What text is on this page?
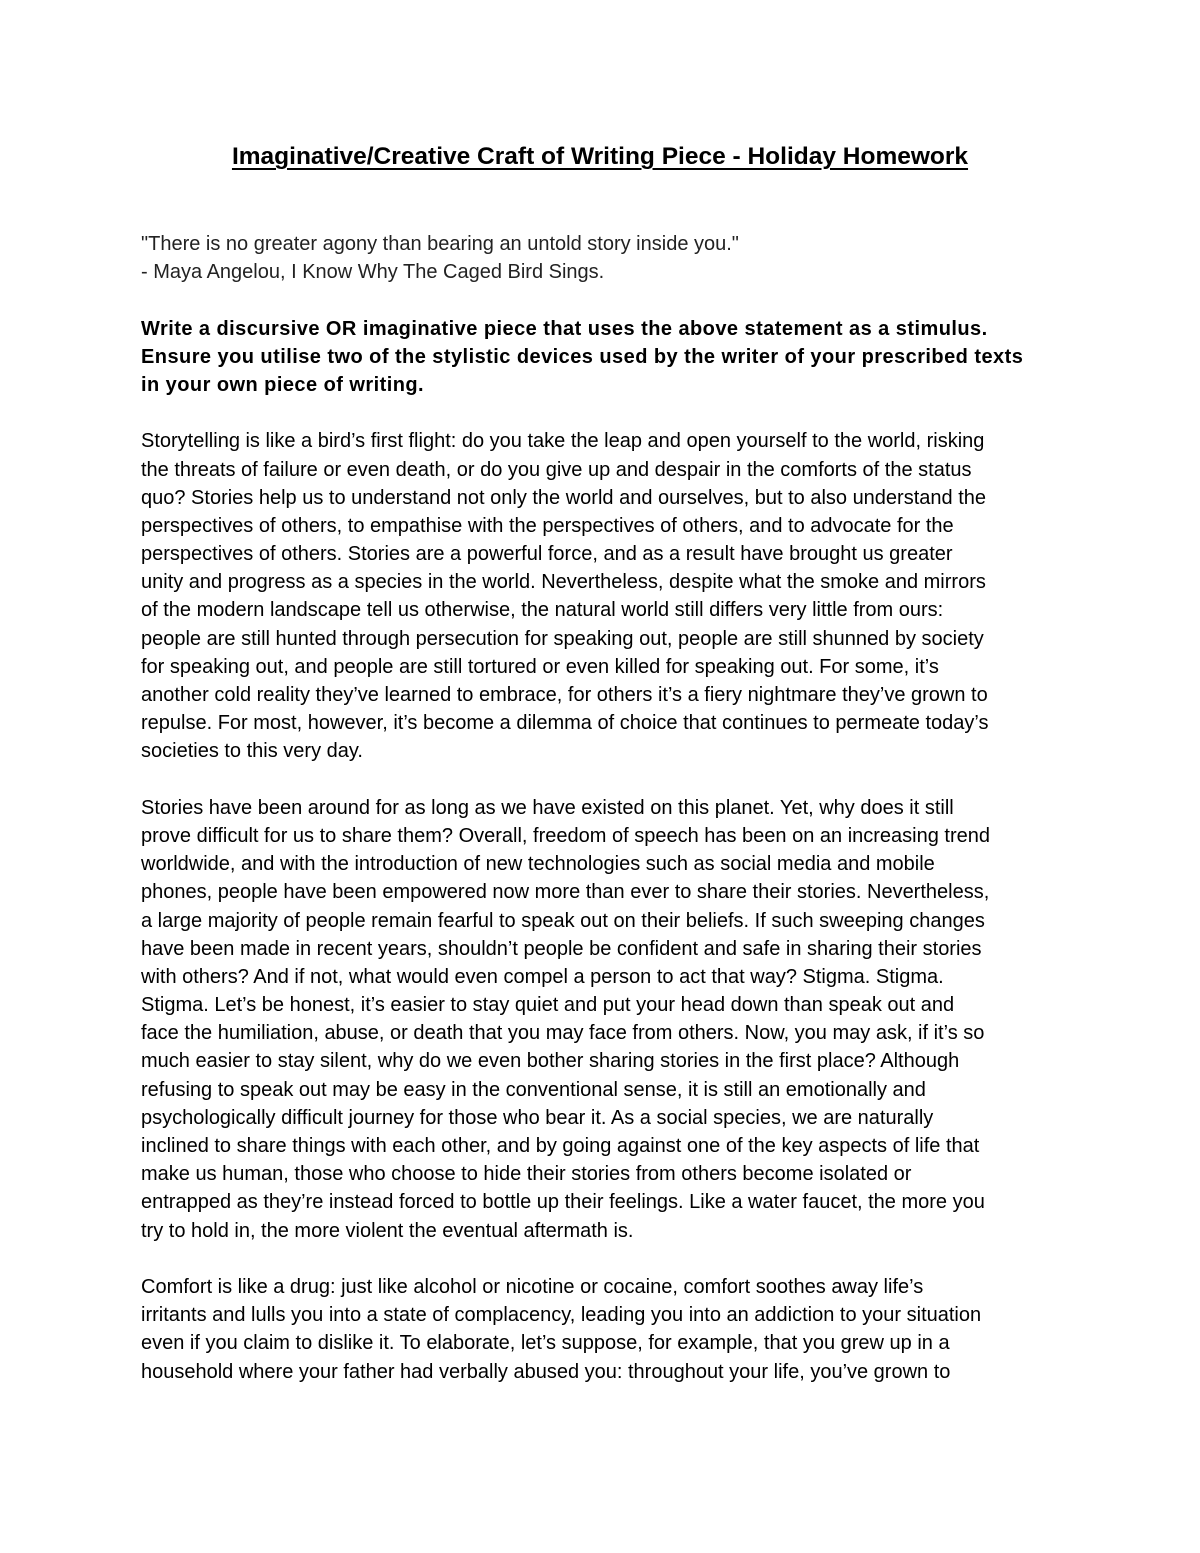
Imaginative/Creative Craft of Writing Piece - Holiday Homework
"There is no greater agony than bearing an untold story inside you."
- Maya Angelou, I Know Why The Caged Bird Sings.
Write a discursive OR imaginative piece that uses the above statement as a stimulus.
Ensure you utilise two of the stylistic devices used by the writer of your prescribed texts
in your own piece of writing.
Storytelling is like a bird’s first flight: do you take the leap and open yourself to the world, risking
the threats of failure or even death, or do you give up and despair in the comforts of the status
quo? Stories help us to understand not only the world and ourselves, but to also understand the
perspectives of others, to empathise with the perspectives of others, and to advocate for the
perspectives of others. Stories are a powerful force, and as a result have brought us greater
unity and progress as a species in the world. Nevertheless, despite what the smoke and mirrors
of the modern landscape tell us otherwise, the natural world still differs very little from ours:
people are still hunted through persecution for speaking out, people are still shunned by society
for speaking out, and people are still tortured or even killed for speaking out. For some, it’s
another cold reality they’ve learned to embrace, for others it’s a fiery nightmare they’ve grown to
repulse. For most, however, it’s become a dilemma of choice that continues to permeate today’s
societies to this very day.
Stories have been around for as long as we have existed on this planet. Yet, why does it still
prove difficult for us to share them? Overall, freedom of speech has been on an increasing trend
worldwide, and with the introduction of new technologies such as social media and mobile
phones, people have been empowered now more than ever to share their stories. Nevertheless,
a large majority of people remain fearful to speak out on their beliefs. If such sweeping changes
have been made in recent years, shouldn’t people be confident and safe in sharing their stories
with others? And if not, what would even compel a person to act that way? Stigma. Stigma.
Stigma. Let’s be honest, it’s easier to stay quiet and put your head down than speak out and
face the humiliation, abuse, or death that you may face from others. Now, you may ask, if it’s so
much easier to stay silent, why do we even bother sharing stories in the first place? Although
refusing to speak out may be easy in the conventional sense, it is still an emotionally and
psychologically difficult journey for those who bear it. As a social species, we are naturally
inclined to share things with each other, and by going against one of the key aspects of life that
make us human, those who choose to hide their stories from others become isolated or
entrapped as they’re instead forced to bottle up their feelings. Like a water faucet, the more you
try to hold in, the more violent the eventual aftermath is.
Comfort is like a drug: just like alcohol or nicotine or cocaine, comfort soothes away life’s
irritants and lulls you into a state of complacency, leading you into an addiction to your situation
even if you claim to dislike it. To elaborate, let’s suppose, for example, that you grew up in a
household where your father had verbally abused you: throughout your life, you’ve grown to
